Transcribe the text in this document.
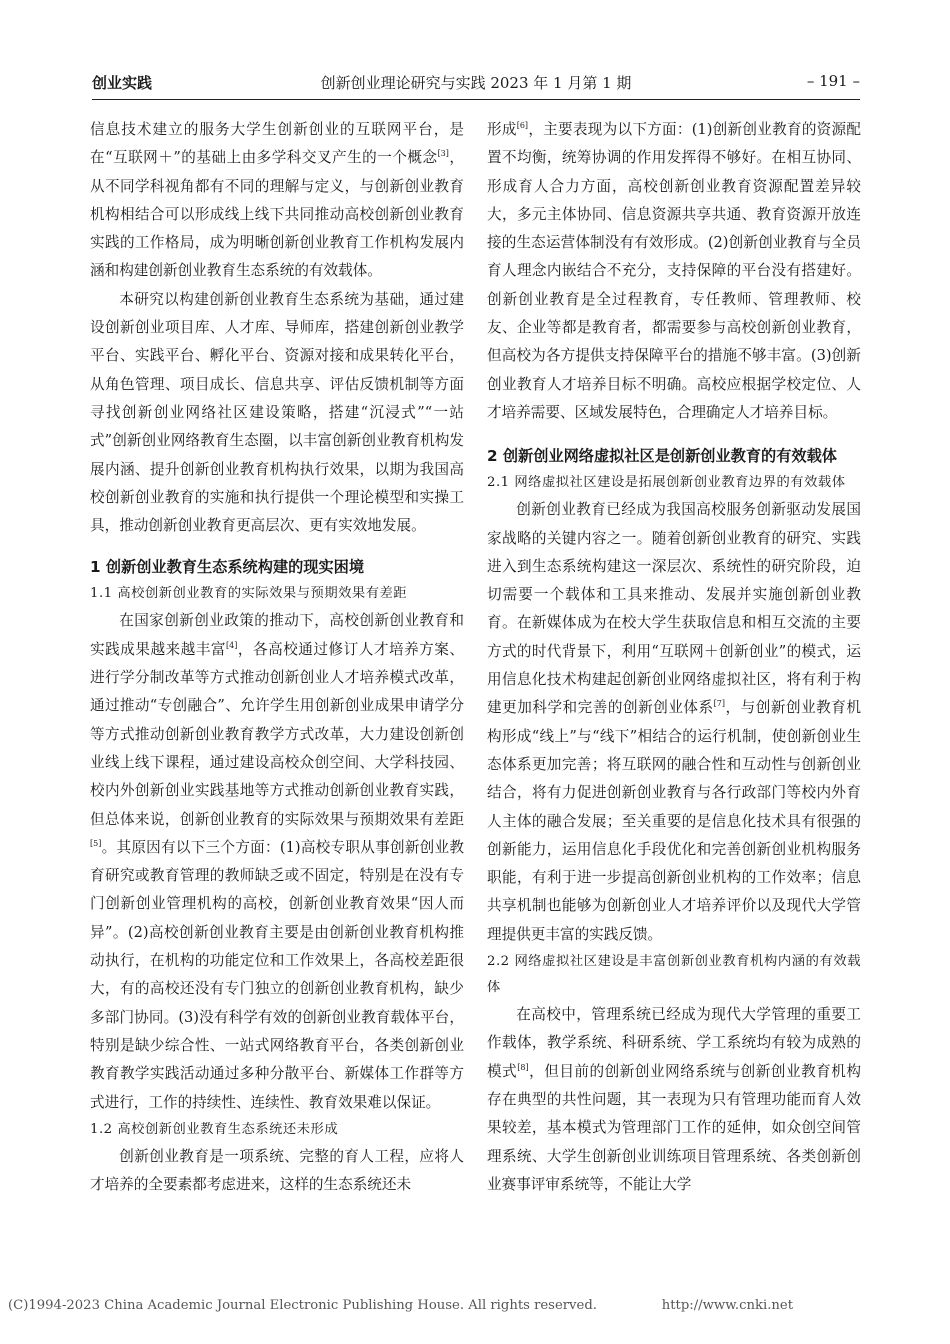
创业实践	创新创业理论研究与实践 2023 年 1 月第 1 期	– 191 –

信息技术建立的服务大学生创新创业的互联网平台，是在“互联网＋”的基础上由多学科交叉产生的一个概念[3]，从不同学科视角都有不同的理解与定义，与创新创业教育机构相结合可以形成线上线下共同推动高校创新创业教育实践的工作格局，成为明晰创新创业教育工作机构发展内涵和构建创新创业教育生态系统的有效载体。

本研究以构建创新创业教育生态系统为基础，通过建设创新创业项目库、人才库、导师库，搭建创新创业教学平台、实践平台、孵化平台、资源对接和成果转化平台，从角色管理、项目成长、信息共享、评估反馈机制等方面寻找创新创业网络社区建设策略，搭建“沉浸式”“一站式”创新创业网络教育生态圈，以丰富创新创业教育机构发展内涵、提升创新创业教育机构执行效果，以期为我国高校创新创业教育的实施和执行提供一个理论模型和实操工具，推动创新创业教育更高层次、更有实效地发展。

1 创新创业教育生态系统构建的现实困境

1.1 高校创新创业教育的实际效果与预期效果有差距

在国家创新创业政策的推动下，高校创新创业教育和实践成果越来越丰富[4]，各高校通过修订人才培养方案、进行学分制改革等方式推动创新创业人才培养模式改革，通过推动“专创融合”、允许学生用创新创业成果申请学分等方式推动创新创业教育教学方式改革，大力建设创新创业线上线下课程，通过建设高校众创空间、大学科技园、校内外创新创业实践基地等方式推动创新创业教育实践，但总体来说，创新创业教育的实际效果与预期效果有差距[5]。其原因有以下三个方面：(1)高校专职从事创新创业教育研究或教育管理的教师缺乏或不固定，特别是在没有专门创新创业管理机构的高校，创新创业教育效果“因人而异”。(2)高校创新创业教育主要是由创新创业教育机构推动执行，在机构的功能定位和工作效果上，各高校差距很大，有的高校还没有专门独立的创新创业教育机构，缺少多部门协同。(3)没有科学有效的创新创业教育载体平台，特别是缺少综合性、一站式网络教育平台，各类创新创业教育教学实践活动通过多种分散平台、新媒体工作群等方式进行，工作的持续性、连续性、教育效果难以保证。

1.2 高校创新创业教育生态系统还未形成

创新创业教育是一项系统、完整的育人工程，应将人才培养的全要素都考虑进来，这样的生态系统还未

形成[6]，主要表现为以下方面：(1)创新创业教育的资源配置不均衡，统筹协调的作用发挥得不够好。在相互协同、形成育人合力方面，高校创新创业教育资源配置差异较大，多元主体协同、信息资源共享共通、教育资源开放连接的生态运营体制没有有效形成。(2)创新创业教育与全员育人理念内嵌结合不充分，支持保障的平台没有搭建好。创新创业教育是全过程教育，专任教师、管理教师、校友、企业等都是教育者，都需要参与高校创新创业教育，但高校为各方提供支持保障平台的措施不够丰富。(3)创新创业教育人才培养目标不明确。高校应根据学校定位、人才培养需要、区域发展特色，合理确定人才培养目标。

2 创新创业网络虚拟社区是创新创业教育的有效载体

2.1 网络虚拟社区建设是拓展创新创业教育边界的有效载体

创新创业教育已经成为我国高校服务创新驱动发展国家战略的关键内容之一。随着创新创业教育的研究、实践进入到生态系统构建这一深层次、系统性的研究阶段，迫切需要一个载体和工具来推动、发展并实施创新创业教育。在新媒体成为在校大学生获取信息和相互交流的主要方式的时代背景下，利用“互联网＋创新创业”的模式，运用信息化技术构建起创新创业网络虚拟社区，将有利于构建更加科学和完善的创新创业体系[7]，与创新创业教育机构形成“线上”与“线下”相结合的运行机制，使创新创业生态体系更加完善；将互联网的融合性和互动性与创新创业结合，将有力促进创新创业教育与各行政部门等校内外育人主体的融合发展；至关重要的是信息化技术具有很强的创新能力，运用信息化手段优化和完善创新创业机构服务职能，有利于进一步提高创新创业机构的工作效率；信息共享机制也能够为创新创业人才培养评价以及现代大学管理提供更丰富的实践反馈。

2.2 网络虚拟社区建设是丰富创新创业教育机构内涵的有效载体

在高校中，管理系统已经成为现代大学管理的重要工作载体，教学系统、科研系统、学工系统均有较为成熟的模式[8]，但目前的创新创业网络系统与创新创业教育机构存在典型的共性问题，其一表现为只有管理功能而育人效果较差，基本模式为管理部门工作的延伸，如众创空间管理系统、大学生创新创业训练项目管理系统、各类创新创业赛事评审系统等，不能让大学

(C)1994-2023 China Academic Journal Electronic Publishing House. All rights reserved.	http://www.cnki.net
